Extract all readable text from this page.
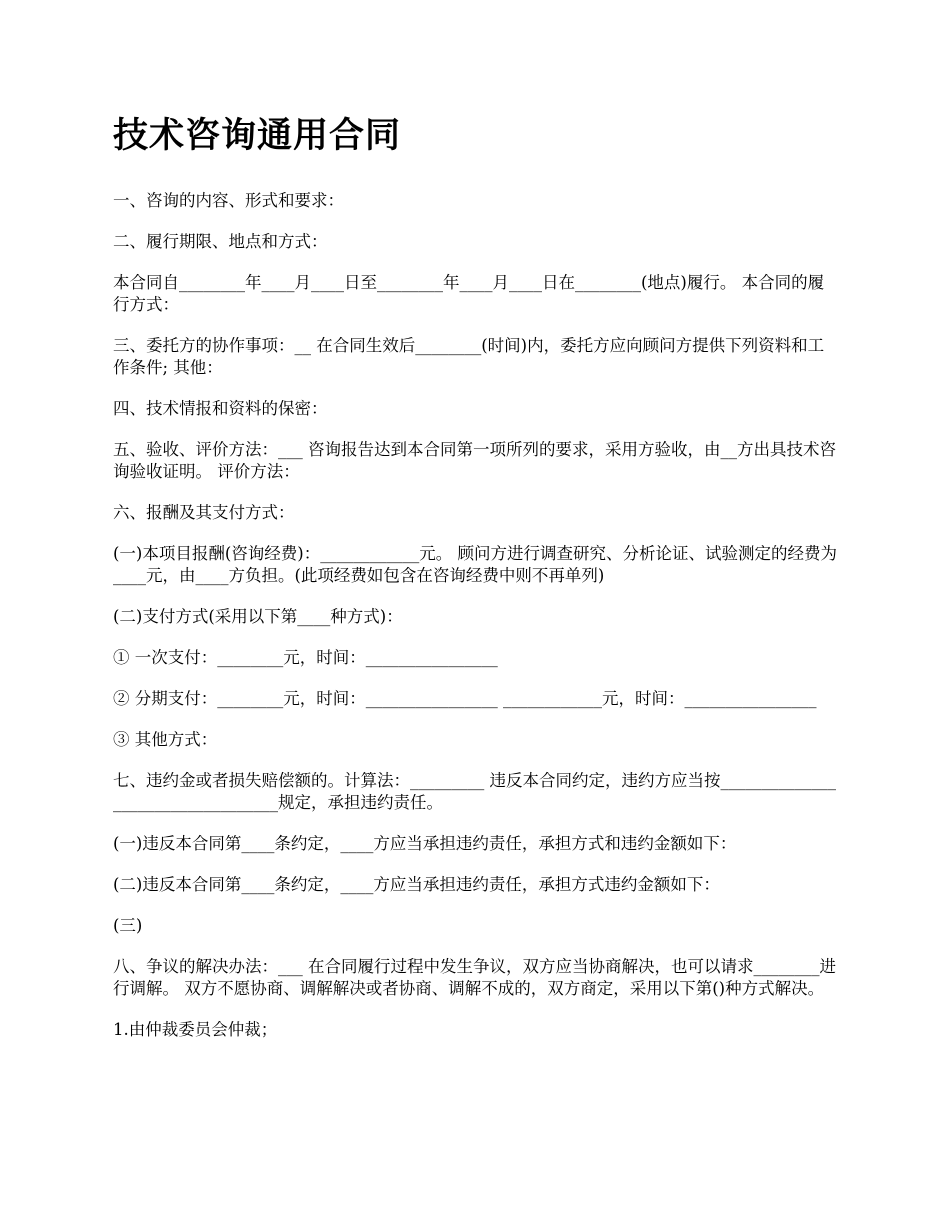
技术咨询通用合同

一、咨询的内容、形式和要求：

二、履行期限、地点和方式：

本合同自________年____月____日至________年____月____日在________(地点)履行。 本合同的履行方式：

三、委托方的协作事项：__ 在合同生效后________(时间)内，委托方应向顾问方提供下列资料和工作条件; 其他：

四、技术情报和资料的保密：

五、验收、评价方法：___ 咨询报告达到本合同第一项所列的要求，采用方验收，由__方出具技术咨询验收证明。 评价方法：

六、报酬及其支付方式：

(一)本项目报酬(咨询经费)：____________元。 顾问方进行调查研究、分析论证、试验测定的经费为____元，由____方负担。(此项经费如包含在咨询经费中则不再单列)

(二)支付方式(采用以下第____种方式)：

① 一次支付：________元，时间：________________

② 分期支付：________元，时间：________________ ____________元，时间：________________

③ 其他方式：

七、违约金或者损失赔偿额的。计算法：_________ 违反本合同约定，违约方应当按__________________________________规定，承担违约责任。

(一)违反本合同第____条约定，____方应当承担违约责任，承担方式和违约金额如下：

(二)违反本合同第____条约定，____方应当承担违约责任，承担方式违约金额如下：

(三)

八、争议的解决办法：___ 在合同履行过程中发生争议，双方应当协商解决，也可以请求________进行调解。 双方不愿协商、调解解决或者协商、调解不成的，双方商定，采用以下第()种方式解决。

1.由仲裁委员会仲裁；
